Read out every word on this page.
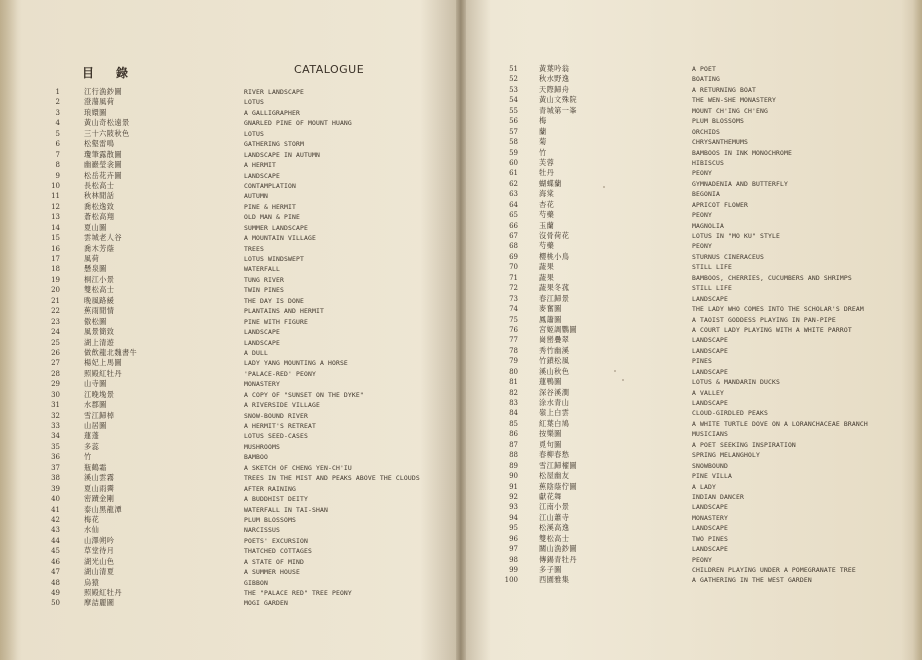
目錄	CATALOGUE
1	江行漁鈔圖	RIVER LANDSCAPE
2	澄蕩風荷	LOTUS
3	琅嬛圖	A GALLIGRAPHER
4	黃山奇松遠景	GNARLED PINE OF MOUNT HUANG
5	三十六陂秋色	LOTUS
6	松壑雷鳴	GATHERING STORM
7	瓊筆露散圖	LANDSCAPE IN AUTUMN
8	幽巖瑩衾圖	A HERMIT
9	松岳花卉圖	LANDSCAPE
10	長松高士	CONTAMPLATION
11	秋林閒話	AUTUMN
12	喬松逸致	PINE & HERMIT
13	蒼松高翔	OLD MAN & PINE
14	夏山圖	SUMMER LANDSCAPE
15	雲城老人谷	A MOUNTAIN VILLAGE
16	喬木芳蔭	TREES
17	風荷	LOTUS WINDSWEPT
18	懸泉圖	WATERFALL
19	桐江小景	TUNG RIVER
20	雙松高士	TWIN PINES
21	晚風路緩	THE DAY IS DONE
22	蕉雨閒情	PLANTAINS AND HERMIT
23	傲松圖	PINE WITH FIGURE
24	風景簡致	LANDSCAPE
25	湖上清遊	LANDSCAPE
26	做飲龍北魏書牛	A DULL
27	楊妃上馬圖	LADY YANG MOUNTING A HORSE
28	照殿紅牡丹	'PALACE-RED' PEONY
29	山寺圖	MONASTERY
30	江晚堍景	A COPY OF "SUNSET ON THE DYKE"
31	水郡圖	A RIVERSIDE VILLAGE
32	雪江歸棹	SNOW-BOUND RIVER
33	山居圖	A HERMIT'S RETREAT
34	蓮蓬	LOTUS SEED-CASES
35	多蕊	MUSHROOMS
36	竹	BAMBOO
37	瓶鶴霜	A SKETCH OF CHENG YEN-CH'IU
38	溪山雲霧	TREES IN THE MIST AND PEAKS ABOVE THE CLOUDS
39	夏山雨霽	AFTER RAINING
40	密蹟金剛	A BUDDHIST DEITY
41	泰山黑龍潭	WATERFALL IN TAI-SHAN
42	梅花	PLUM BLOSSOMS
43	水仙	NARCISSUS
44	山澤朔吟	POETS' EXCURSION
45	草堂待月	THATCHED COTTAGES
46	湖光山色	A STATE OF MIND
47	湖山清夏	A SUMMER HOUSE
48	烏猿	GIBBON
49	照殿紅牡丹	THE "PALACE RED" TREE PEONY
50	摩詰麗圖	MOGI GARDEN
51	黃葉吟翁	A POET
52	秋水野逸	BOATING
53	天際歸舟	A RETURNING BOAT
54	黃山文殊院	THE WEN-SHE MONASTERY
55	青城第一峯	MOUNT CH'ING CH'ENG
56	梅	PLUM BLOSSOMS
57	蘭	ORCHIDS
58	菊	CHRYSANTHEMUMS
59	竹	BAMBOOS IN INK MONOCHROME
60	芙蓉	HIBISCUS
61	牡丹	PEONY
62	蝴蝶蘭	GYMNADENIA AND BUTTERFLY
63	海棠	BEGONIA
64	杏花	APRICOT FLOWER
65	芍藥	PEONY
66	玉蘭	MAGNOLIA
67	沒骨荷花	LOTUS IN "MO KU" STYLE
68	芍藥	PEONY
69	櫻桃小鳥	STURNUS CINERACEUS
70	蔬果	STILL LIFE
71	蔬果	BAMBOOS, CHERRIES, CUCUMBERS AND SHRIMPS
72	蔬果冬菰	STILL LIFE
73	春江歸景	LANDSCAPE
74	麥奮圖	THE LADY WHO COMES INTO THE SCHOLAR'S DREAM
75	鳳簫圖	A TAOIST GODDESS PLAYING IN PAN-PIPE
76	宮姬調鸚圖	A COURT LADY PLAYING WITH A WHITE PARROT
77	崗巒疊翠	LANDSCAPE
78	秀竹幽溪	LANDSCAPE
79	竹鎖松風	PINES
80	溪山秋色	LANDSCAPE
81	蓮鴨圖	LOTUS & MANDARIN DUCKS
82	深谷溪澗	A VALLEY
83	涂水青山	LANDSCAPE
84	嶺上白雲	CLOUD-GIRDLED PEAKS
85	紅葉白鳩	A WHITE TURTLE DOVE ON A LORANCHACEAE BRANCH
86	按樂圖	MUSICIANS
87	覓句圖	A POET SEEKING INSPIRATION
88	春柳春愁	SPRING MELANGHOLY
89	雪江歸櫂圖	SNOWBOUND
90	松屋幽友	PINE VILLA
91	蕉陰蔭佇圖	A LADY
92	獻花舞	INDIAN DANCER
93	江南小景	LANDSCAPE
94	江山蕭寺	MONASTERY
95	松溪高逸	LANDSCAPE
96	雙松高士	TWO PINES
97	關山漁鈔圖	LANDSCAPE
98	傳錫青牡丹	PEONY
99	多子圖	CHILDREN PLAYING UNDER A POMEGRANATE TREE
100	西園雅集	A GATHERING IN THE WEST GARDEN
